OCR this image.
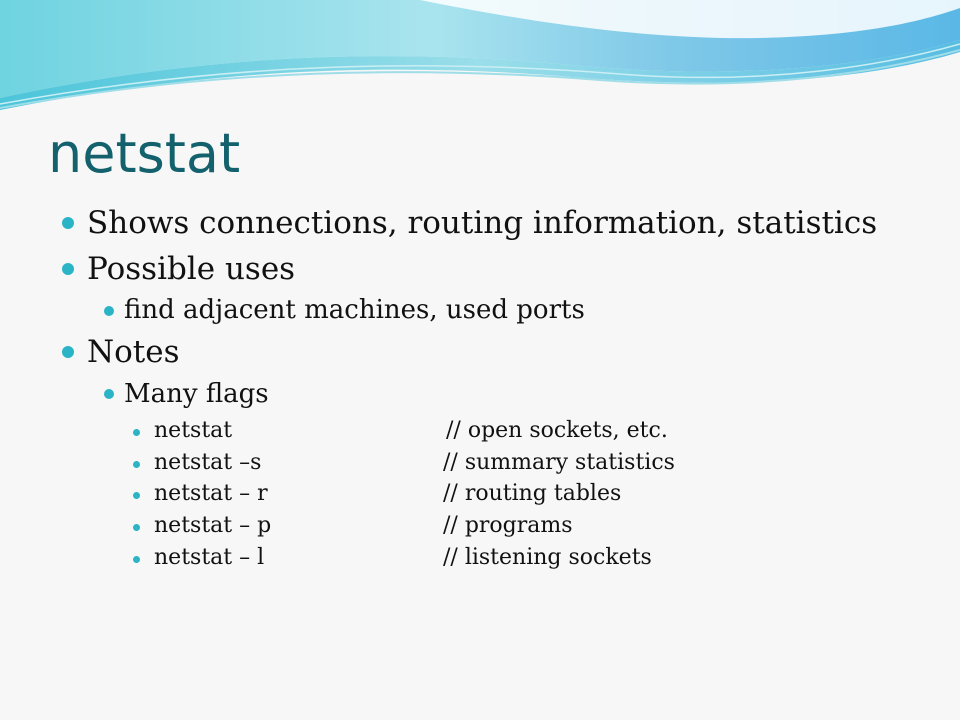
netstat
Shows connections, routing information, statistics
Possible uses
find adjacent machines, used ports
Notes
Many flags
netstat	// open sockets, etc.
netstat –s	// summary statistics
netstat – r	// routing tables
netstat – p	// programs
netstat – l	// listening sockets
